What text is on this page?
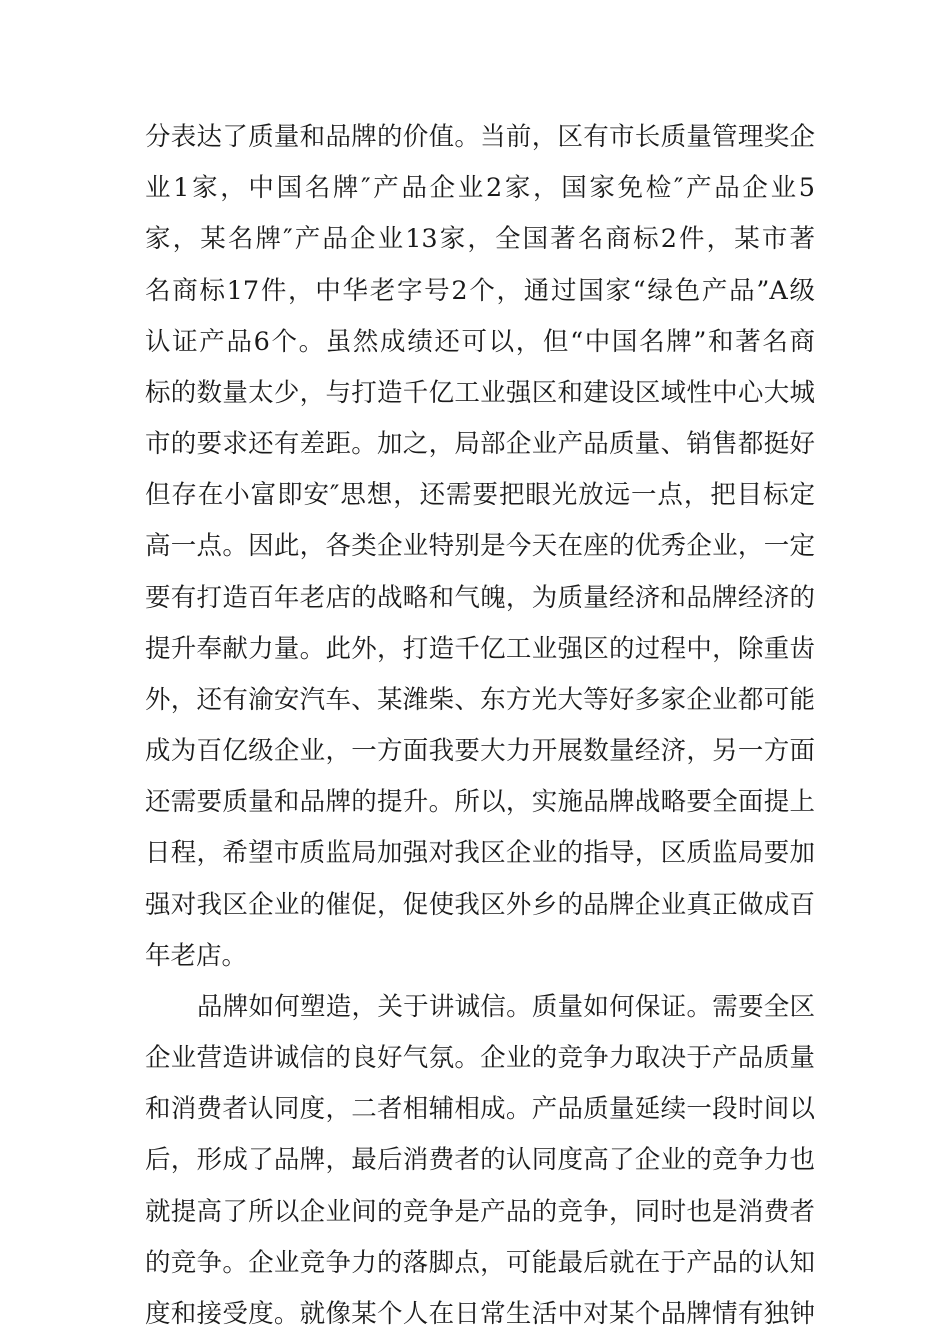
分表达了质量和品牌的价值。当前，区有市长质量管理奖企
业1家，中国名牌″产品企业2家，国家免检″产品企业5
家，某名牌″产品企业13家，全国著名商标2件，某市著
名商标17件，中华老字号2个，通过国家“绿色产品”A级
认证产品6个。虽然成绩还可以，但“中国名牌”和著名商
标的数量太少，与打造千亿工业强区和建设区域性中心大城
市的要求还有差距。加之，局部企业产品质量、销售都挺好
但存在小富即安″思想，还需要把眼光放远一点，把目标定
高一点。因此，各类企业特别是今天在座的优秀企业，一定
要有打造百年老店的战略和气魄，为质量经济和品牌经济的
提升奉献力量。此外，打造千亿工业强区的过程中，除重齿
外，还有渝安汽车、某潍柴、东方光大等好多家企业都可能
成为百亿级企业，一方面我要大力开展数量经济，另一方面
还需要质量和品牌的提升。所以，实施品牌战略要全面提上
日程，希望市质监局加强对我区企业的指导，区质监局要加
强对我区企业的催促，促使我区外乡的品牌企业真正做成百
年老店。
品牌如何塑造，关于讲诚信。质量如何保证。需要全区
企业营造讲诚信的良好气氛。企业的竞争力取决于产品质量
和消费者认同度，二者相辅相成。产品质量延续一段时间以
后，形成了品牌，最后消费者的认同度高了企业的竞争力也
就提高了所以企业间的竞争是产品的竞争，同时也是消费者
的竞争。企业竞争力的落脚点，可能最后就在于产品的认知
度和接受度。就像某个人在日常生活中对某个品牌情有独钟
